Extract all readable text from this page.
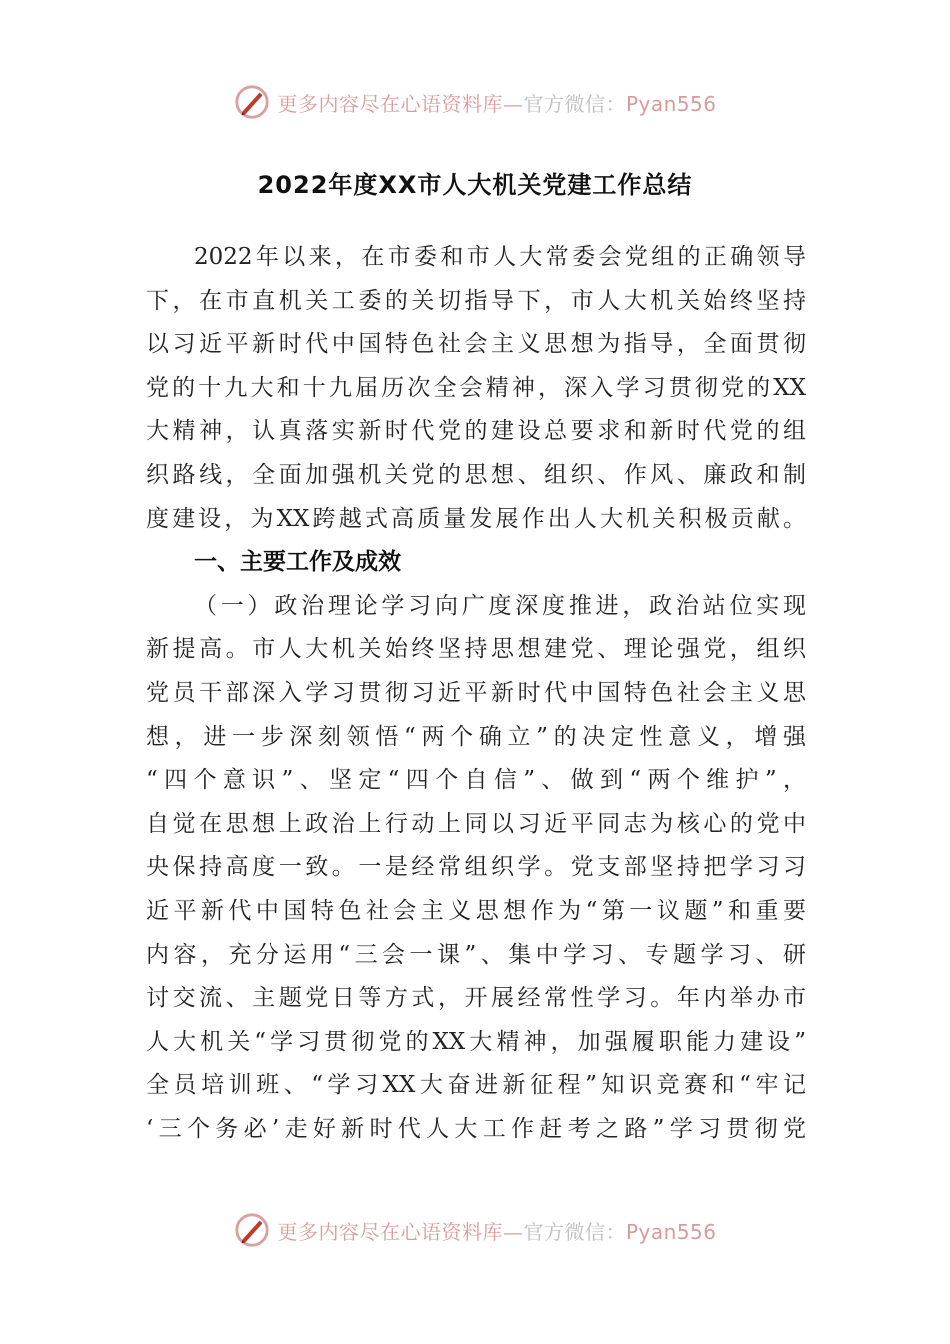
更多内容尽在心语资料库—官方微信：Pyan556
2022年度XX市人大机关党建工作总结
2022年以来，在市委和市人大常委会党组的正确领导
下，在市直机关工委的关切指导下，市人大机关始终坚持
以习近平新时代中国特色社会主义思想为指导，全面贯彻
党的十九大和十九届历次全会精神，深入学习贯彻党的XX
大精神，认真落实新时代党的建设总要求和新时代党的组
织路线，全面加强机关党的思想、组织、作风、廉政和制
度建设，为XX跨越式高质量发展作出人大机关积极贡献。
一、主要工作及成效
（一）政治理论学习向广度深度推进，政治站位实现
新提高。市人大机关始终坚持思想建党、理论强党，组织
党员干部深入学习贯彻习近平新时代中国特色社会主义思
想，进一步深刻领悟“两个确立”的决定性意义，增强
“四个意识”、坚定“四个自信”、做到“两个维护”，
自觉在思想上政治上行动上同以习近平同志为核心的党中
央保持高度一致。一是经常组织学。党支部坚持把学习习
近平新代中国特色社会主义思想作为“第一议题”和重要
内容，充分运用“三会一课”、集中学习、专题学习、研
讨交流、主题党日等方式，开展经常性学习。年内举办市
人大机关“学习贯彻党的XX大精神，加强履职能力建设”
全员培训班、“学习XX大奋进新征程”知识竞赛和“牢记
‘三个务必’走好新时代人大工作赶考之路”学习贯彻党
更多内容尽在心语资料库—官方微信：Pyan556
